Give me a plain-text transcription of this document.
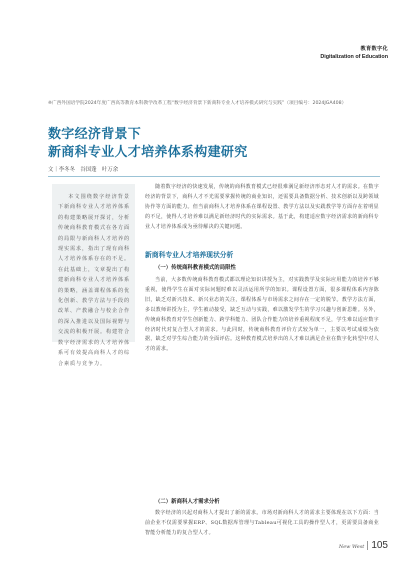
教育数字化
Digitalization of Education
※广西外国语学院2024年度广西高等教育本科教学改革工程“数字经济背景下新商科专业人才培养模式研究与实践”（项目编号：2024JGA408）
数字经济背景下
新商科专业人才培养体系构建研究
文｜李冬冬　谷国蓬　叶万余

本文围绕数字经济背景下新商科专业人才培养体系的构建策略展开探讨，分析传统商科教育模式在各方面的局限与新商科人才培养的现实需求，指出了现有商科人才培养体系存在的不足。在此基础上，文章提出了构建新商科专业人才培养体系的策略，涵盖课程体系的优化创新、教学方法与手段的改革、产教融合与校企合作的深入推进以及国际视野与交流的积极开展。构建符合数字经济需求的人才培养体系可有效提高商科人才的综合素质与竞争力。

随着数字经济的快速发展，传统的商科教育模式已经很难满足新经济形态对人才的需求。在数字经济的背景下，商科人才不光需要掌握传统的商业知识，还需要具备数据分析、技术创新以及跨领域协作等方面的能力。但当前商科人才培养体系在课程设置、教学方法以及实践教学等方面存在着明显的不足，使得人才培养难以满足新经济时代的实际需求。基于此，构建适应数字经济需求的新商科专业人才培养体系成为亟待解决的关键问题。

新商科专业人才培养现状分析
（一）传统商科教育模式的局限性

当前，大多数传统商科教育模式都以理论知识讲授为主，对实践教学及实际应用能力的培养不够重视，使得学生在面对实际问题时难以灵活运用所学的知识。课程设置方面，很多课程体系内容陈旧，缺乏对新兴技术、新兴业态的关注，课程体系与市场需求之间存在一定的脱节。教学方法方面，多以教师讲授为主，学生被动接受，缺乏互动与实践，难以激发学生的学习兴趣与创新思维。另外，传统商科教育对学生创新能力、跨学科能力、团队合作能力的培养重视程度不足，学生难以适应数字经济时代对复合型人才的需求。与此同时，传统商科教育评价方式较为单一，主要以考试成绩为依据，缺乏对学生综合能力的全面评估。这种教育模式培养出的人才难以满足企业在数字化转型中对人才的需求。

（二）新商科人才需求分析

数字经济的兴起对商科人才提出了新的需求。市场对新商科人才的需求主要体现在以下方面：当前企业不仅需要掌握ERP、SQL数据库管理与Tableau可视化工具的操作型人才，更需要具备商业智能分析能力的复合型人才。

New West 105
